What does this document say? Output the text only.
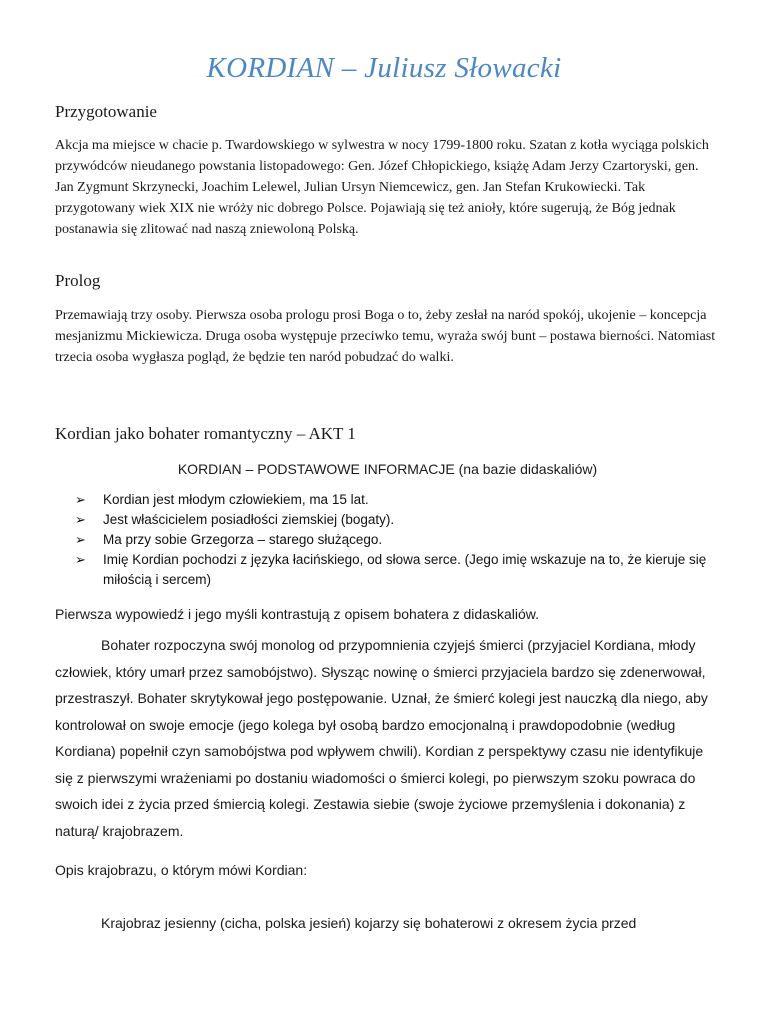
KORDIAN – Juliusz Słowacki
Przygotowanie
Akcja ma miejsce w chacie p. Twardowskiego w sylwestra w nocy 1799-1800 roku. Szatan z kotła wyciąga polskich przywódców nieudanego powstania listopadowego: Gen. Józef Chłopickiego, książę Adam Jerzy Czartoryski, gen. Jan Zygmunt Skrzynecki, Joachim Lelewel, Julian Ursyn Niemcewicz, gen. Jan Stefan Krukowiecki. Tak przygotowany wiek XIX nie wróży nic dobrego Polsce. Pojawiają się też anioły, które sugerują, że Bóg jednak postanawia się zlitować nad naszą zniewoloną Polską.
Prolog
Przemawiają trzy osoby. Pierwsza osoba prologu prosi Boga o to, żeby zesłał na naród spokój, ukojenie – koncepcja mesjanizmu Mickiewicza. Druga osoba występuje przeciwko temu, wyraża swój bunt – postawa bierności. Natomiast trzecia osoba wygłasza pogląd, że będzie ten naród pobudzać do walki.
Kordian jako bohater romantyczny – AKT 1
KORDIAN – PODSTAWOWE INFORMACJE (na bazie didaskaliów)
➢ Kordian jest młodym człowiekiem, ma 15 lat.
➢ Jest właścicielem posiadłości ziemskiej (bogaty).
➢ Ma przy sobie Grzegorza – starego służącego.
➢ Imię Kordian pochodzi z języka łacińskiego, od słowa serce. (Jego imię wskazuje na to, że kieruje się miłością i sercem)
Pierwsza wypowiedź i jego myśli kontrastują z opisem bohatera z didaskaliów.
Bohater rozpoczyna swój monolog od przypomnienia czyjejś śmierci (przyjaciel Kordiana, młody człowiek, który umarł przez samobójstwo). Słysząc nowinę o śmierci przyjaciela bardzo się zdenerwował, przestraszył. Bohater skrytykował jego postępowanie. Uznał, że śmierć kolegi jest nauczką dla niego, aby kontrolował on swoje emocje (jego kolega był osobą bardzo emocjonalną i prawdopodobnie (według Kordiana) popełnił czyn samobójstwa pod wpływem chwili). Kordian z perspektywy czasu nie identyfikuje się z pierwszymi wrażeniami po dostaniu wiadomości o śmierci kolegi, po pierwszym szoku powraca do swoich idei z życia przed śmiercią kolegi. Zestawia siebie (swoje życiowe przemyślenia i dokonania) z naturą/ krajobrazem.
Opis krajobrazu, o którym mówi Kordian:
Krajobraz jesienny (cicha, polska jesień) kojarzy się bohaterowi z okresem życia przed
